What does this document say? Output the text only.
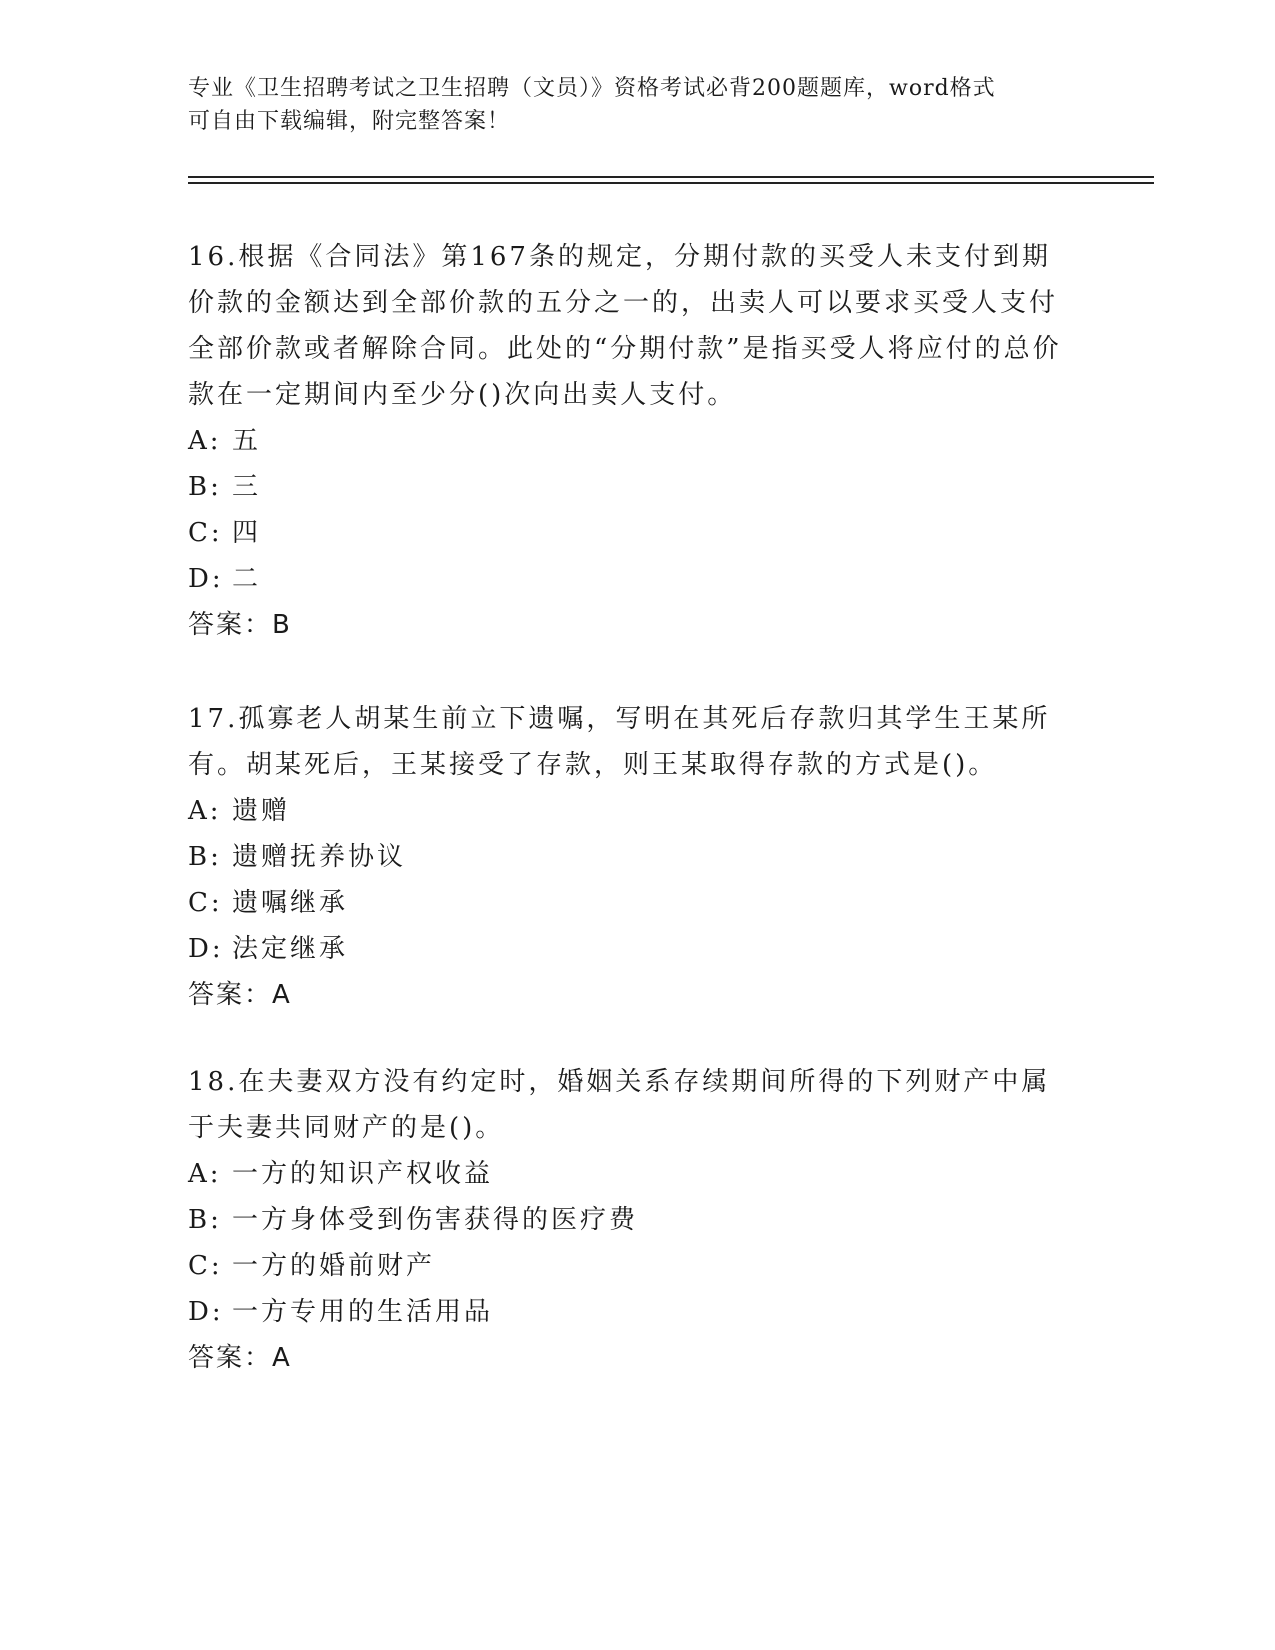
专业《卫生招聘考试之卫生招聘（文员）》资格考试必背200题题库，word格式
可自由下载编辑，附完整答案！
16.根据《合同法》第167条的规定，分期付款的买受人未支付到期价款的金额达到全部价款的五分之一的，出卖人可以要求买受人支付全部价款或者解除合同。此处的“分期付款”是指买受人将应付的总价款在一定期间内至少分()次向出卖人支付。
A: 五
B: 三
C: 四
D: 二
答案：B
17.孤寡老人胡某生前立下遗嘱，写明在其死后存款归其学生王某所有。胡某死后，王某接受了存款，则王某取得存款的方式是()。
A: 遗赠
B: 遗赠抚养协议
C: 遗嘱继承
D: 法定继承
答案：A
18.在夫妻双方没有约定时，婚姻关系存续期间所得的下列财产中属于夫妻共同财产的是()。
A: 一方的知识产权收益
B: 一方身体受到伤害获得的医疗费
C: 一方的婚前财产
D: 一方专用的生活用品
答案：A
